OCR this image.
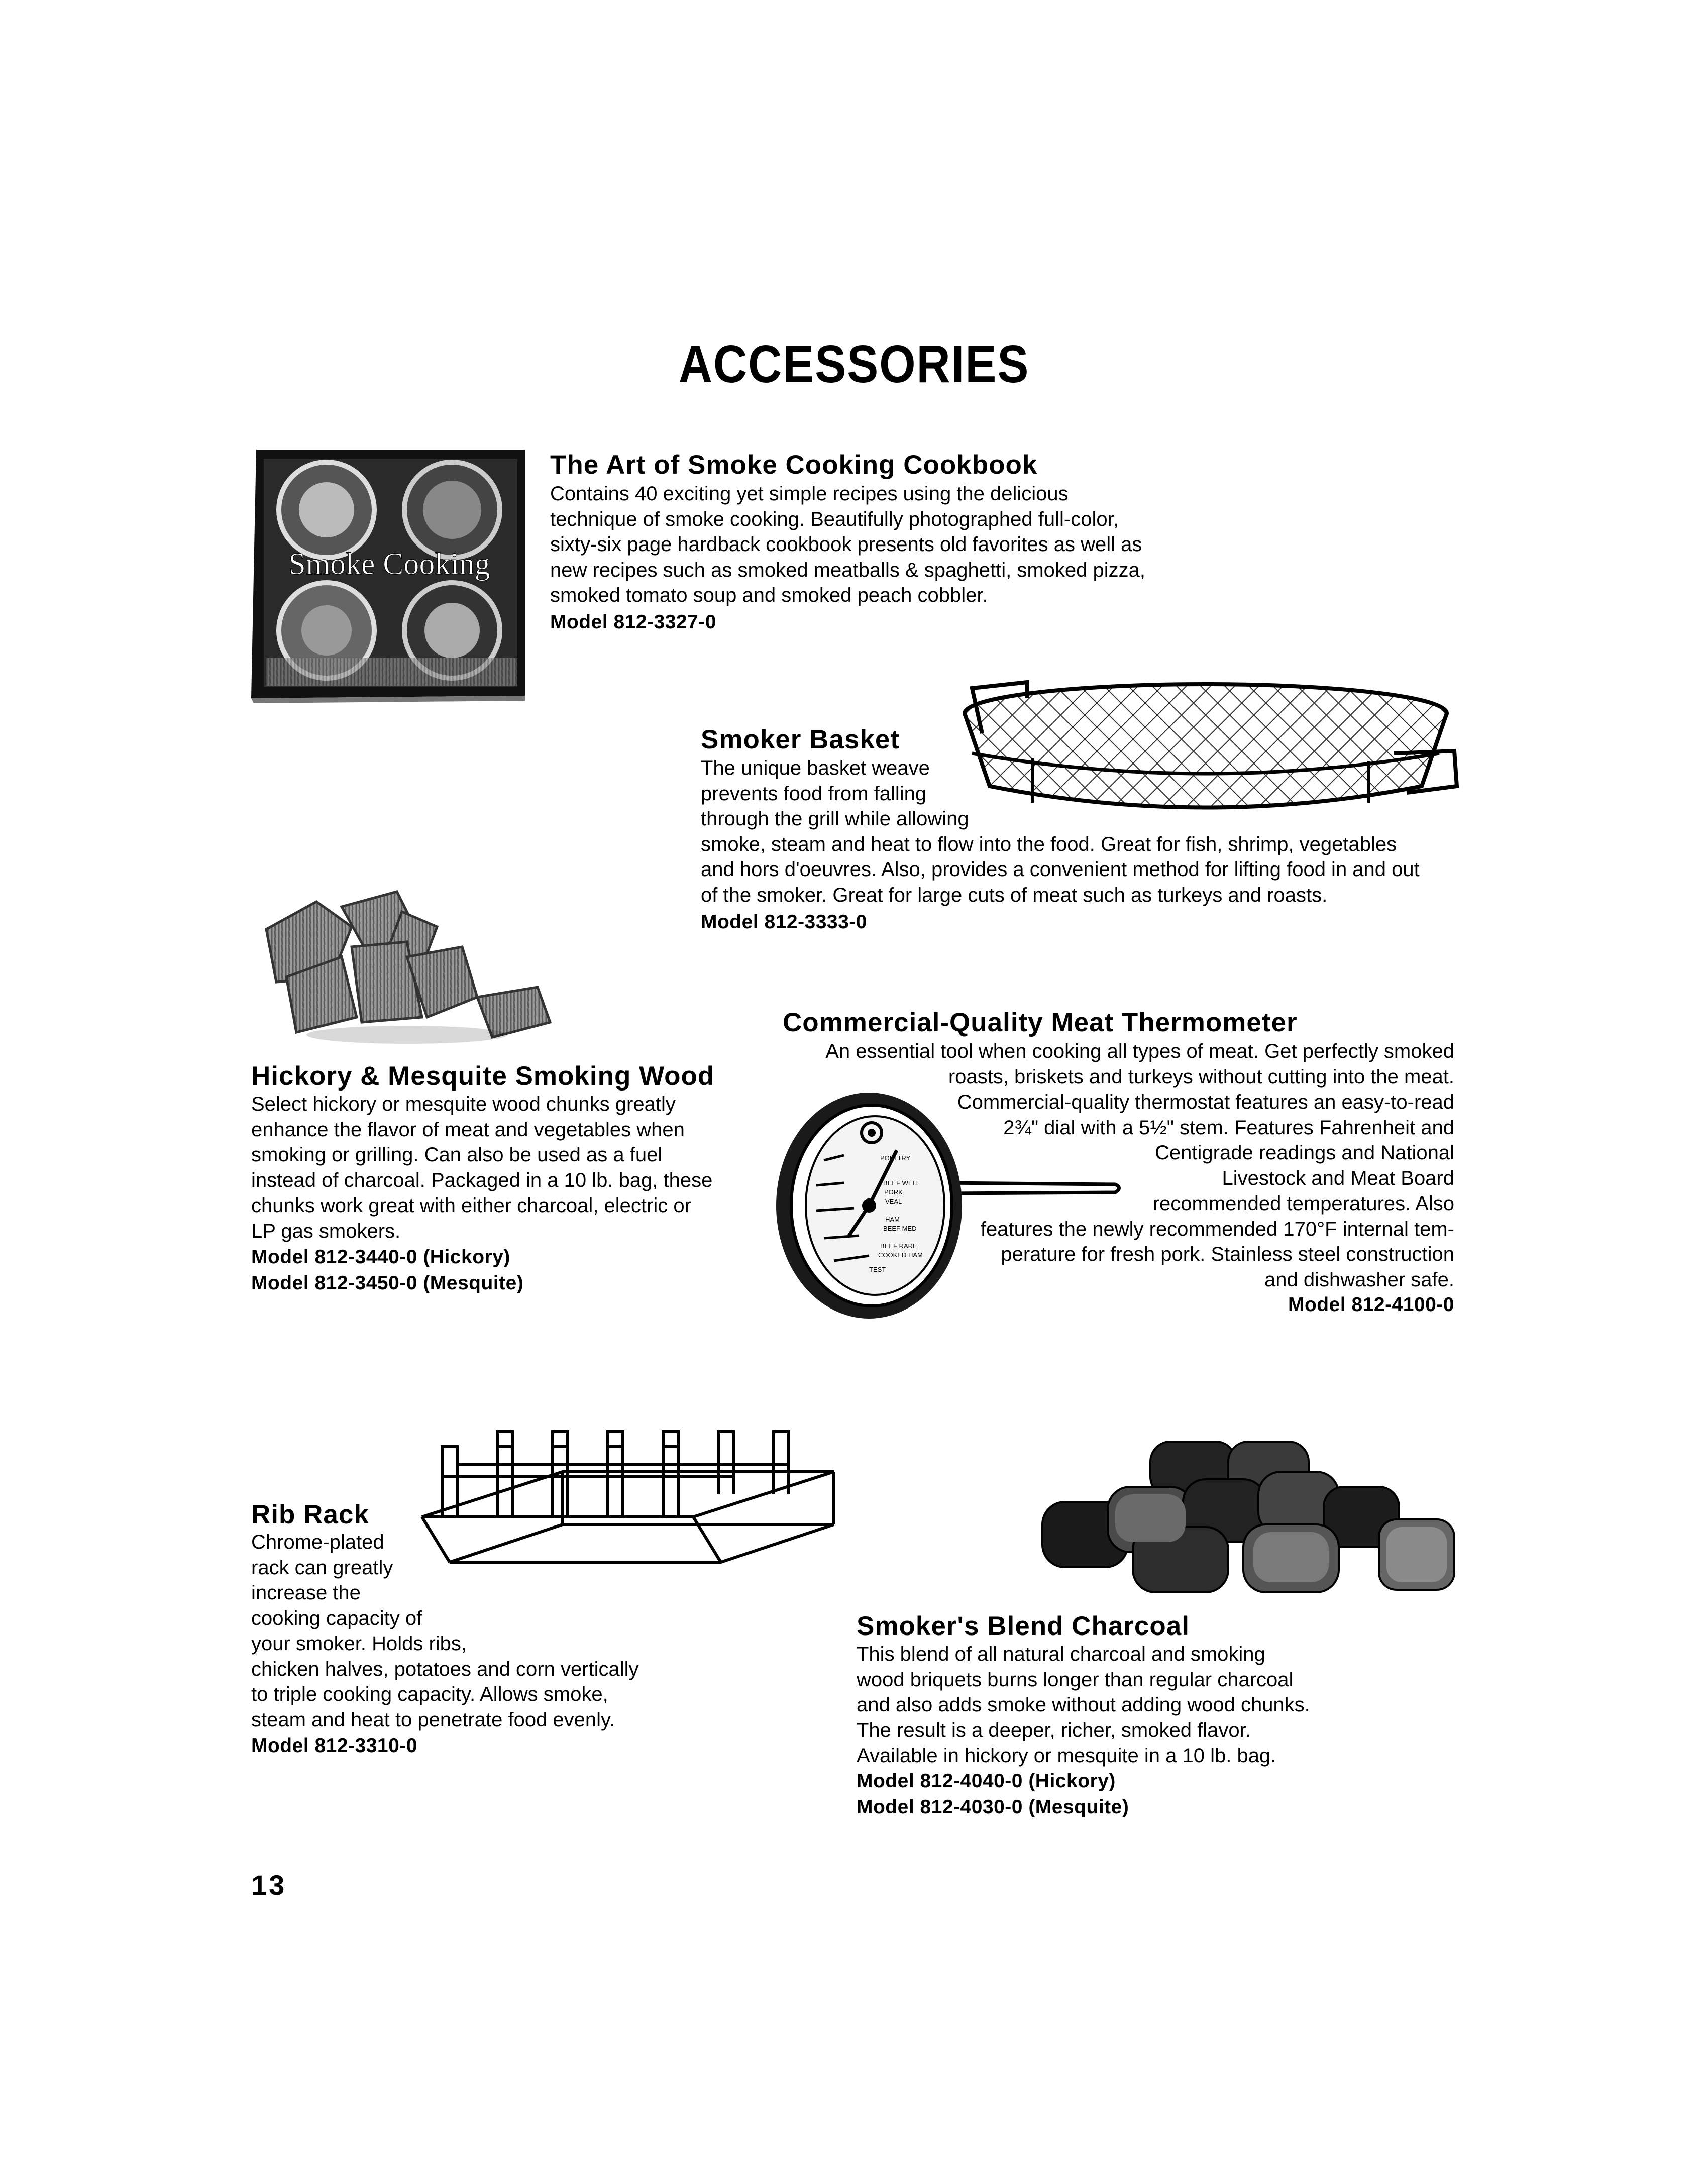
ACCESSORIES
Smoke Cooking
The Art of Smoke Cooking Cookbook
Contains 40 exciting yet simple recipes using the delicious
technique of smoke cooking. Beautifully photographed full-color,
sixty-six page hardback cookbook presents old favorites as well as
new recipes such as smoked meatballs & spaghetti, smoked pizza,
smoked tomato soup and smoked peach cobbler.
Model 812-3327-0
Smoker Basket
The unique basket weave
prevents food from falling
through the grill while allowing
smoke, steam and heat to flow into the food. Great for fish, shrimp, vegetables
and hors d'oeuvres. Also, provides a convenient method for lifting food in and out
of the smoker. Great for large cuts of meat such as turkeys and roasts.
Model 812-3333-0
Hickory & Mesquite Smoking Wood
Select hickory or mesquite wood chunks greatly
enhance the flavor of meat and vegetables when
smoking or grilling. Can also be used as a fuel
instead of charcoal. Packaged in a 10 lb. bag, these
chunks work great with either charcoal, electric or
LP gas smokers.
Model 812-3440-0 (Hickory)
Model 812-3450-0 (Mesquite)
Commercial-Quality Meat Thermometer
An essential tool when cooking all types of meat. Get perfectly smoked
roasts, briskets and turkeys without cutting into the meat.
Commercial-quality thermostat features an easy-to-read
2¾" dial with a 5½" stem. Features Fahrenheit and
Centigrade readings and National
Livestock and Meat Board
recommended temperatures. Also
features the newly recommended 170°F internal tem-
perature for fresh pork. Stainless steel construction
and dishwasher safe.
Model 812-4100-0
POULTRY
BEEF WELL
PORK
VEAL
HAM
BEEF MED
BEEF RARE
COOKED HAM
TEST
Rib Rack
Chrome-plated
rack can greatly
increase the
cooking capacity of
your smoker. Holds ribs,
chicken halves, potatoes and corn vertically
to triple cooking capacity. Allows smoke,
steam and heat to penetrate food evenly.
Model 812-3310-0
Smoker's Blend Charcoal
This blend of all natural charcoal and smoking
wood briquets burns longer than regular charcoal
and also adds smoke without adding wood chunks.
The result is a deeper, richer, smoked flavor.
Available in hickory or mesquite in a 10 lb. bag.
Model 812-4040-0 (Hickory)
Model 812-4030-0 (Mesquite)
13
